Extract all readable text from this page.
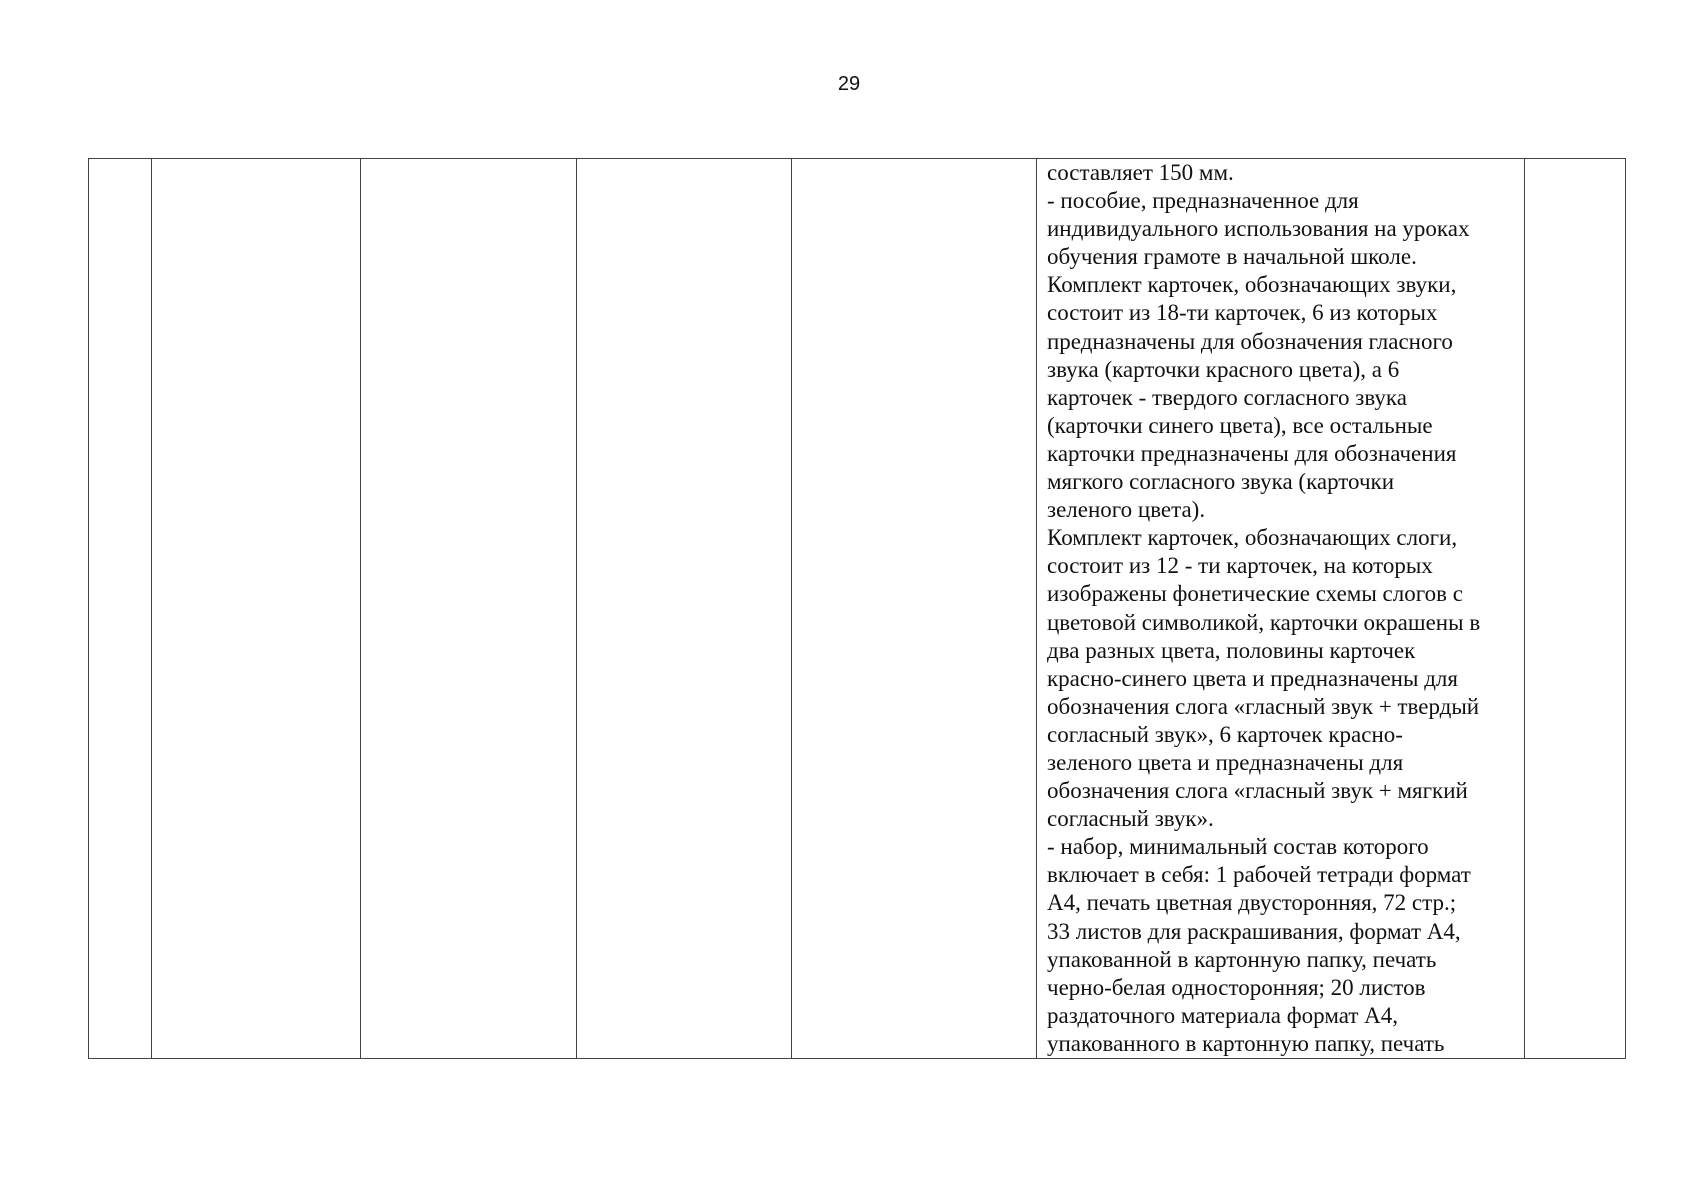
29

составляет 150 мм.
- пособие, предназначенное для
индивидуального использования на уроках
обучения грамоте в начальной школе.
Комплект карточек, обозначающих звуки,
состоит из 18-ти карточек, 6 из которых
предназначены для обозначения гласного
звука (карточки красного цвета), а 6
карточек - твердого согласного звука
(карточки синего цвета), все остальные
карточки предназначены для обозначения
мягкого согласного звука (карточки
зеленого цвета).
Комплект карточек, обозначающих слоги,
состоит из 12 - ти карточек, на которых
изображены фонетические схемы слогов с
цветовой символикой, карточки окрашены в
два разных цвета, половины карточек
красно-синего цвета и предназначены для
обозначения слога «гласный звук + твердый
согласный звук», 6 карточек красно-
зеленого цвета и предназначены для
обозначения слога «гласный звук + мягкий
согласный звук».
- набор, минимальный состав которого
включает в себя: 1 рабочей тетради формат
А4, печать цветная двусторонняя, 72 стр.;
33 листов для раскрашивания, формат А4,
упакованной в картонную папку, печать
черно-белая односторонняя; 20 листов
раздаточного материала формат А4,
упакованного в картонную папку, печать
